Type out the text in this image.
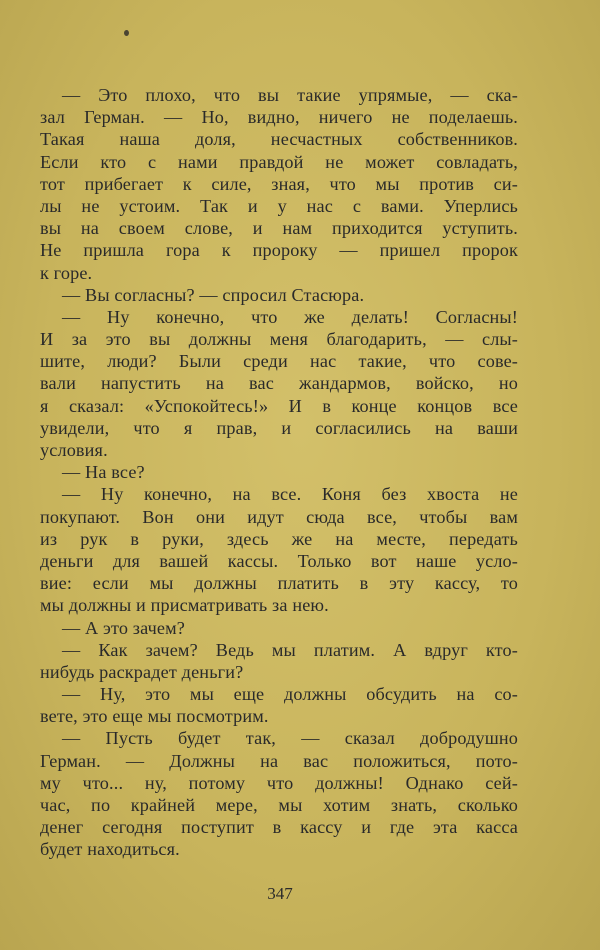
— Это плохо, что вы такие упрямые, — ска-
зал Герман. — Но, видно, ничего не поделаешь.
Такая наша доля, несчастных собственников.
Если кто с нами правдой не может совладать,
тот прибегает к силе, зная, что мы против си-
лы не устоим. Так и у нас с вами. Уперлись
вы на своем слове, и нам приходится уступить.
Не пришла гора к пророку — пришел пророк
к горе.
— Вы согласны? — спросил Стасюра.
— Ну конечно, что же делать! Согласны!
И за это вы должны меня благодарить, — слы-
шите, люди? Были среди нас такие, что сове-
вали напустить на вас жандармов, войско, но
я сказал: «Успокойтесь!» И в конце концов все
увидели, что я прав, и согласились на ваши
условия.
— На все?
— Ну конечно, на все. Коня без хвоста не
покупают. Вон они идут сюда все, чтобы вам
из рук в руки, здесь же на месте, передать
деньги для вашей кассы. Только вот наше усло-
вие: если мы должны платить в эту кассу, то
мы должны и присматривать за нею.
— А это зачем?
— Как зачем? Ведь мы платим. А вдруг кто-
нибудь раскрадет деньги?
— Ну, это мы еще должны обсудить на со-
вете, это еще мы посмотрим.
— Пусть будет так, — сказал добродушно
Герман. — Должны на вас положиться, пото-
му что... ну, потому что должны! Однако сей-
час, по крайней мере, мы хотим знать, сколько
денег сегодня поступит в кассу и где эта касса
будет находиться.
347
